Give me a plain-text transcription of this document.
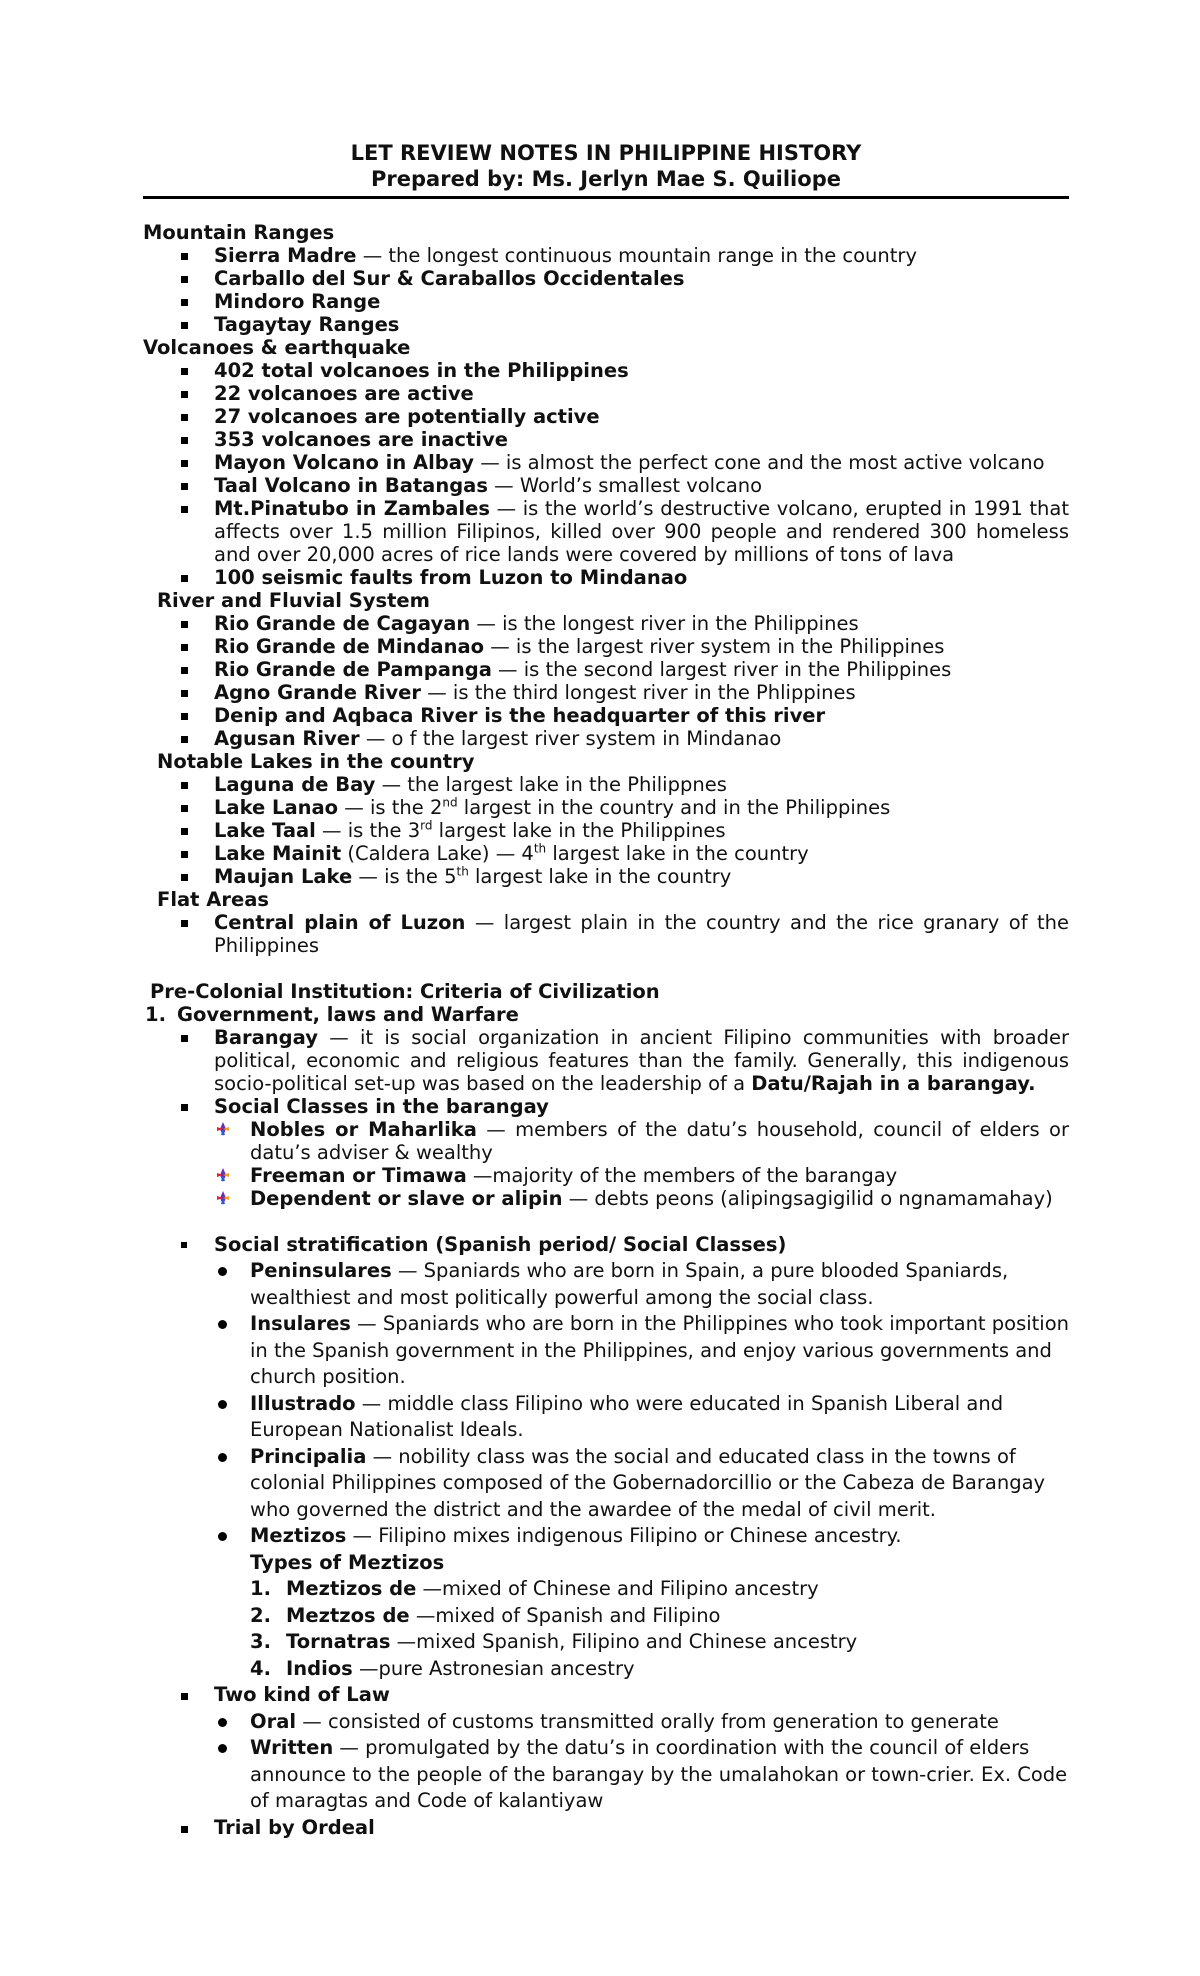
LET REVIEW NOTES IN PHILIPPINE HISTORY
Prepared by: Ms. Jerlyn Mae S. Quiliope
Mountain Ranges
Sierra Madre — the longest continuous mountain range in the country
Carballo del Sur & Caraballos Occidentales
Mindoro Range
Tagaytay Ranges
Volcanoes & earthquake
402 total volcanoes in the Philippines
22 volcanoes are active
27 volcanoes are potentially active
353 volcanoes are inactive
Mayon Volcano in Albay — is almost the perfect cone and the most active volcano
Taal Volcano in Batangas — World’s smallest volcano
Mt.Pinatubo in Zambales — is the world’s destructive volcano, erupted in 1991 that affects over 1.5 million Filipinos, killed over 900 people and rendered 300 homeless and over 20,000 acres of rice lands were covered by millions of tons of lava
100 seismic faults from Luzon to Mindanao
River and Fluvial System
Rio Grande de Cagayan — is the longest river in the Philippines
Rio Grande de Mindanao — is the largest river system in the Philippines
Rio Grande de Pampanga — is the second largest river in the Philippines
Agno Grande River — is the third longest river in the Phlippines
Denip and Aqbaca River is the headquarter of this river
Agusan River — o f the largest river system in Mindanao
Notable Lakes in the country
Laguna de Bay — the largest lake in the Philippnes
Lake Lanao — is the 2nd largest in the country and in the Philippines
Lake Taal — is the 3rd largest lake in the Philippines
Lake Mainit (Caldera Lake) — 4th largest lake in the country
Maujan Lake — is the 5th largest lake in the country
Flat Areas
Central plain of Luzon — largest plain in the country and the rice granary of the Philippines
Pre-Colonial Institution: Criteria of Civilization
1. Government, laws and Warfare
Barangay — it is social organization in ancient Filipino communities with broader political, economic and religious features than the family. Generally, this indigenous socio-political set-up was based on the leadership of a Datu/Rajah in a barangay.
Social Classes in the barangay
Nobles or Maharlika — members of the datu’s household, council of elders or datu’s adviser & wealthy
Freeman or Timawa —majority of the members of the barangay
Dependent or slave or alipin — debts peons (alipingsagigilid o ngnamamahay)
Social stratification (Spanish period/ Social Classes)
Peninsulares — Spaniards who are born in Spain, a pure blooded Spaniards, wealthiest and most politically powerful among the social class.
Insulares — Spaniards who are born in the Philippines who took important position in the Spanish government in the Philippines, and enjoy various governments and church position.
Illustrado — middle class Filipino who were educated in Spanish Liberal and European Nationalist Ideals.
Principalia — nobility class was the social and educated class in the towns of colonial Philippines composed of the Gobernadorcillio or the Cabeza de Barangay who governed the district and the awardee of the medal of civil merit.
Meztizos — Filipino mixes indigenous Filipino or Chinese ancestry.
Types of Meztizos
1. Meztizos de —mixed of Chinese and Filipino ancestry
2. Meztzos de —mixed of Spanish and Filipino
3. Tornatras —mixed Spanish, Filipino and Chinese ancestry
4. Indios —pure Astronesian ancestry
Two kind of Law
Oral — consisted of customs transmitted orally from generation to generate
Written — promulgated by the datu’s in coordination with the council of elders announce to the people of the barangay by the umalahokan or town-crier. Ex. Code of maragtas and Code of kalantiyaw
Trial by Ordeal
